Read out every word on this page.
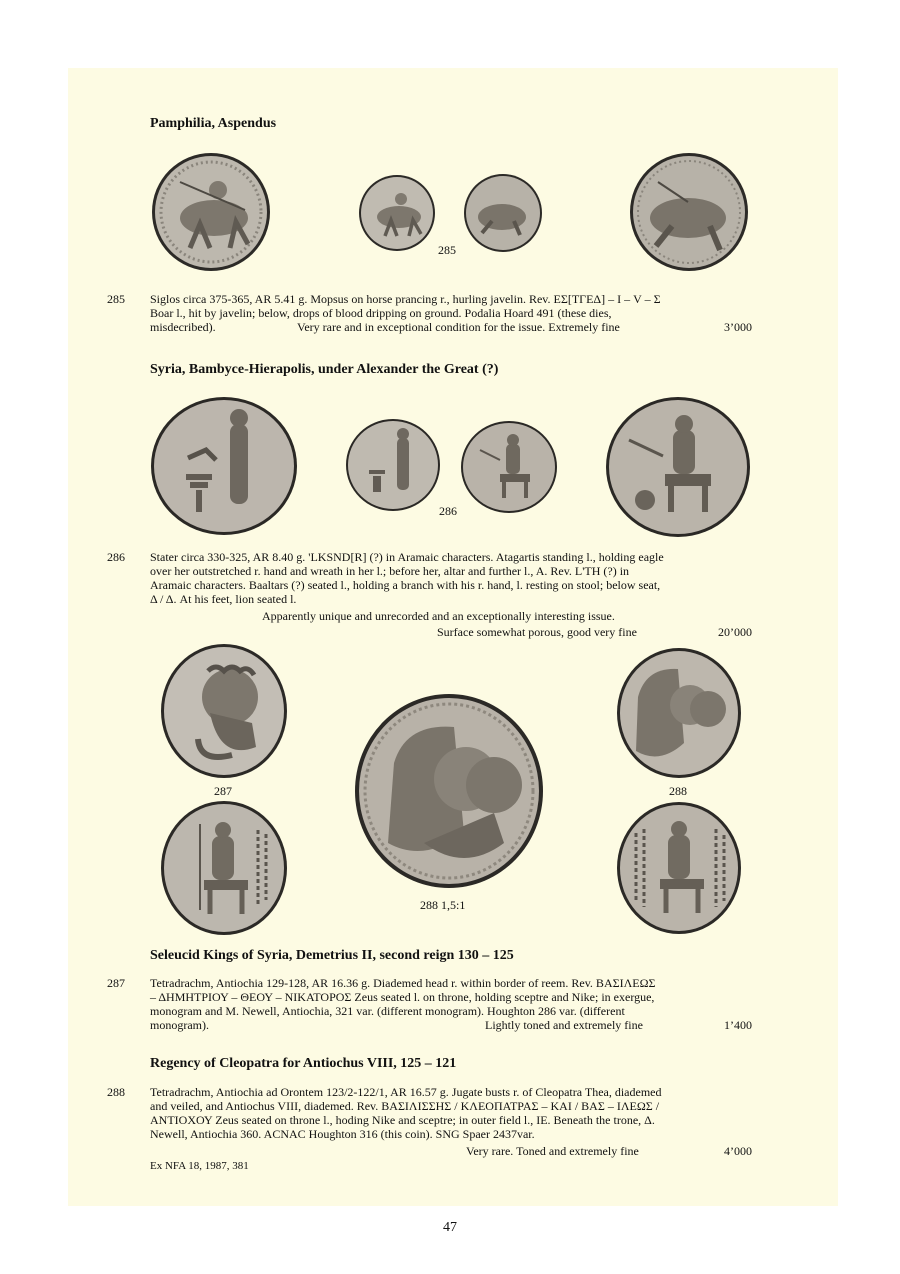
Pamphilia, Aspendus
285
285 Siglos circa 375-365, AR 5.41 g. Mopsus on horse prancing r., hurling javelin. Rev. ΕΣ[ΤΓΕΔ] – Ι – V – Σ
Boar l., hit by javelin; below, drops of blood dripping on ground. Podalia Hoard 491 (these dies,
misdecribed).	Very rare and in exceptional condition for the issue. Extremely fine	3’000
Syria, Bambyce-Hierapolis, under Alexander the Great (?)
286
286 Stater circa 330-325, AR 8.40 g. 'LKSND[R] (?) in Aramaic characters. Atagartis standing l., holding eagle
over her outstretched r. hand and wreath in her l.; before her, altar and further l., A. Rev. L'TH (?) in
Aramaic characters. Baaltars (?) seated l., holding a branch with his r. hand, l. resting on stool; below seat,
Δ / Δ. At his feet, lion seated l.
Apparently unique and unrecorded and an exceptionally interesting issue.
Surface somewhat porous, good very fine	20’000
287
288 1,5:1
288
Seleucid Kings of Syria, Demetrius II, second reign 130 – 125
287 Tetradrachm, Antiochia 129-128, AR 16.36 g. Diademed head r. within border of reem. Rev. ΒΑΣΙΛΕΩΣ
– ΔΗΜΗΤΡΙΟΥ – ΘΕΟΥ – ΝΙΚΑΤΟΡΟΣ Zeus seated l. on throne, holding sceptre and Nike; in exergue,
monogram and M. Newell, Antiochia, 321 var. (different monogram). Houghton 286 var. (different
monogram).	Lightly toned and extremely fine	1’400
Regency of Cleopatra for Antiochus VIII, 125 – 121
288 Tetradrachm, Antiochia ad Orontem 123/2-122/1, AR 16.57 g. Jugate busts r. of Cleopatra Thea, diademed
and veiled, and Antiochus VIII, diademed. Rev. ΒΑΣΙΛΙΣΣΗΣ / ΚΛΕΟΠΑΤΡΑΣ – ΚΑΙ / ΒΑΣ – ΙΛΕΩΣ /
ΑΝΤΙΟΧΟΥ Zeus seated on throne l., hoding Nike and sceptre; in outer field l., ΙΕ. Beneath the trone, Δ.
Newell, Antiochia 360. ACNAC Houghton 316 (this coin). SNG Spaer 2437var.
Very rare. Toned and extremely fine	4’000
Ex NFA 18, 1987, 381
47
